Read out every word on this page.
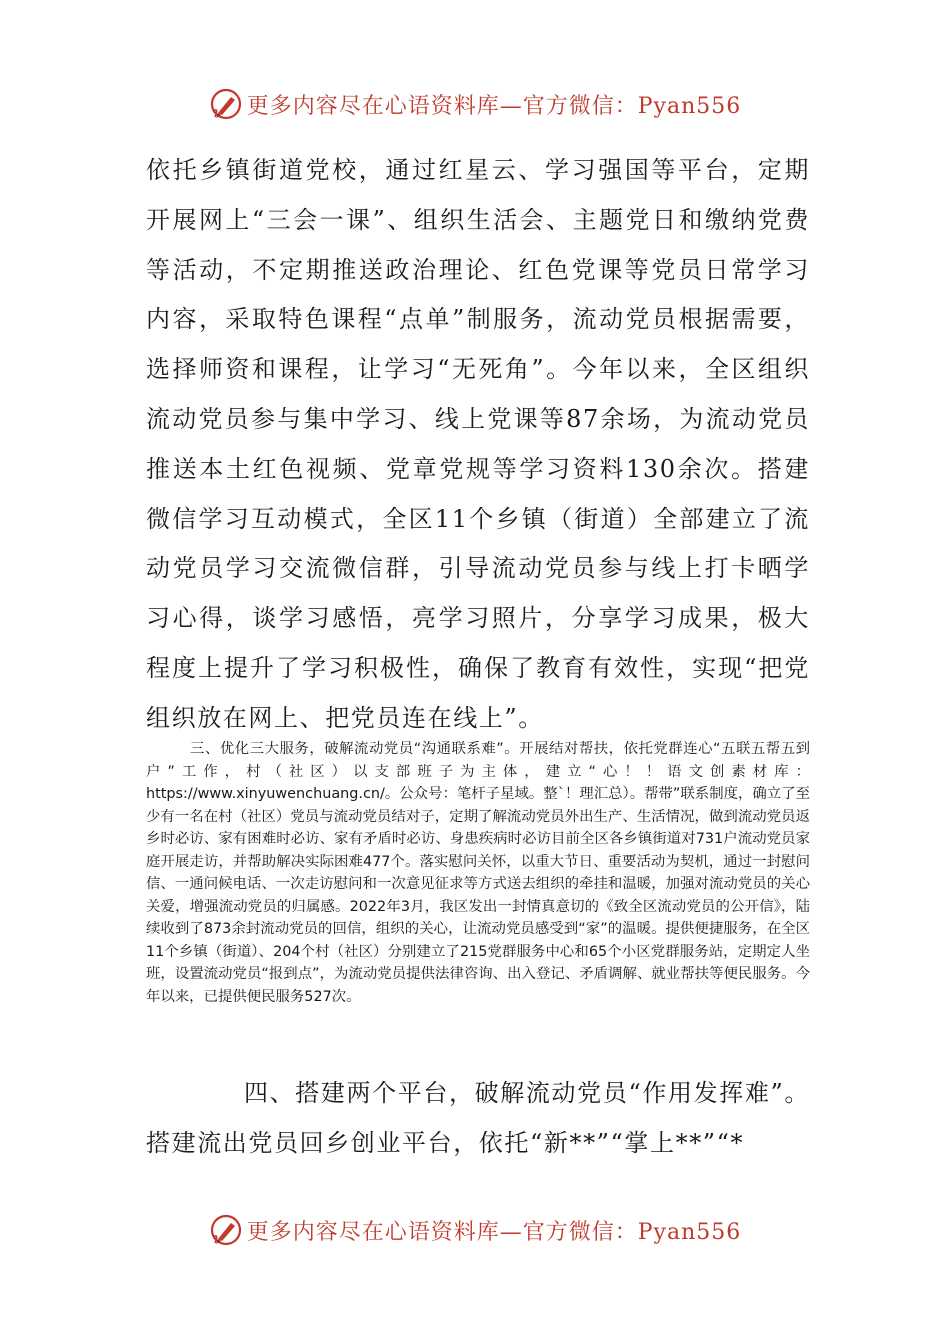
更多内容尽在心语资料库—官方微信：Pyan556
依托乡镇街道党校，通过红星云、学习强国等平台，定期开展网上“三会一课”、组织生活会、主题党日和缴纳党费等活动，不定期推送政治理论、红色党课等党员日常学习内容，采取特色课程“点单”制服务，流动党员根据需要，选择师资和课程，让学习“无死角”。今年以来，全区组织流动党员参与集中学习、线上党课等87余场，为流动党员推送本土红色视频、党章党规等学习资料130余次。搭建微信学习互动模式，全区11个乡镇（街道）全部建立了流动党员学习交流微信群，引导流动党员参与线上打卡晒学习心得，谈学习感悟，亮学习照片，分享学习成果，极大程度上提升了学习积极性，确保了教育有效性，实现“把党组织放在网上、把党员连在线上”。
三、优化三大服务，破解流动党员“沟通联系难”。开展结对帮扶，依托党群连心“五联五帮五到户”工作，村（社区）以支部班子为主体，建立“心！！语文创素材库：https://www.xinyuwenchuang.cn/。公众号：笔杆子星域。整`！理汇总）。帮带”联系制度，确立了至少有一名在村（社区）党员与流动党员结对子，定期了解流动党员外出生产、生活情况，做到流动党员返乡时必访、家有困难时必访、家有矛盾时必访、身患疾病时必访目前全区各乡镇街道对731户流动党员家庭开展走访，并帮助解决实际困难477个。落实慰问关怀，以重大节日、重要活动为契机，通过一封慰问信、一通问候电话、一次走访慰问和一次意见征求等方式送去组织的牵挂和温暖，加强对流动党员的关心关爱，增强流动党员的归属感。2022年3月，我区发出一封情真意切的《致全区流动党员的公开信》，陆续收到了873余封流动党员的回信，组织的关心，让流动党员感受到“家”的温暖。提供便捷服务，在全区11个乡镇（街道）、204个村（社区）分别建立了215党群服务中心和65个小区党群服务站，定期定人坐班，设置流动党员“报到点”，为流动党员提供法律咨询、出入登记、矛盾调解、就业帮扶等便民服务。今年以来，已提供便民服务527次。
四、搭建两个平台，破解流动党员“作用发挥难”。搭建流出党员回乡创业平台，依托“新**”“掌上**”“*
更多内容尽在心语资料库—官方微信：Pyan556
